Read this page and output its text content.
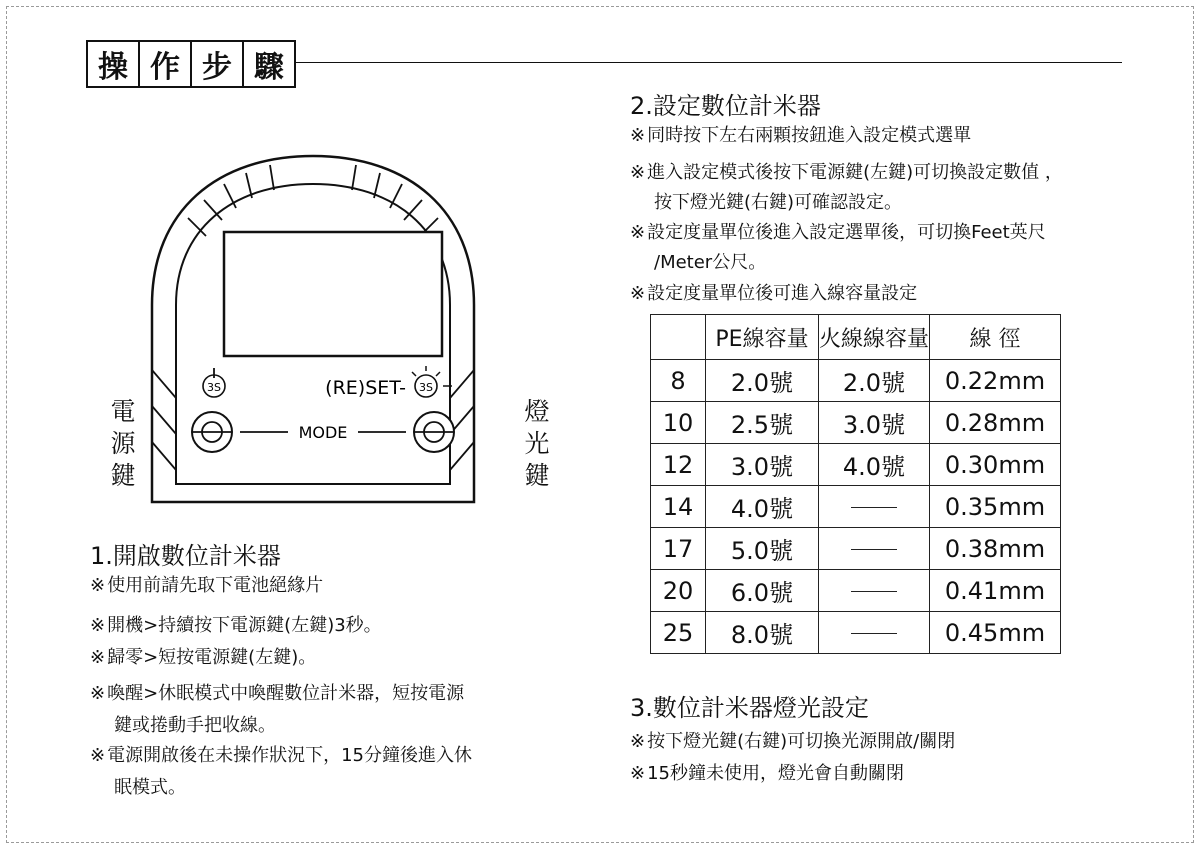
操 作 步 驟
電
源
鍵
燈
光
鍵
3S	(RE)SET- 3S
MODE
1.開啟數位計米器
※ 使用前請先取下電池絕緣片
※ 開機>持續按下電源鍵(左鍵)3秒。
※ 歸零>短按電源鍵(左鍵)。
※ 喚醒>休眠模式中喚醒數位計米器，短按電源
鍵或捲動手把收線。
※ 電源開啟後在未操作狀況下，15分鐘後進入休
眠模式。
2.設定數位計米器
※ 同時按下左右兩顆按鈕進入設定模式選單
※ 進入設定模式後按下電源鍵(左鍵)可切換設定數值 ，
按下燈光鍵(右鍵)可確認設定。
※ 設定度量單位後進入設定選單後，可切換Feet英尺
/Meter公尺。
※ 設定度量單位後可進入線容量設定
	PE線容量	火線線容量	線 徑
8	2.0號	2.0號	0.22mm
10	2.5號	3.0號	0.28mm
12	3.0號	4.0號	0.30mm
14	4.0號		0.35mm
17	5.0號		0.38mm
20	6.0號		0.41mm
25	8.0號		0.45mm
3.數位計米器燈光設定
※ 按下燈光鍵(右鍵)可切換光源開啟/關閉
※ 15秒鐘未使用，燈光會自動關閉
